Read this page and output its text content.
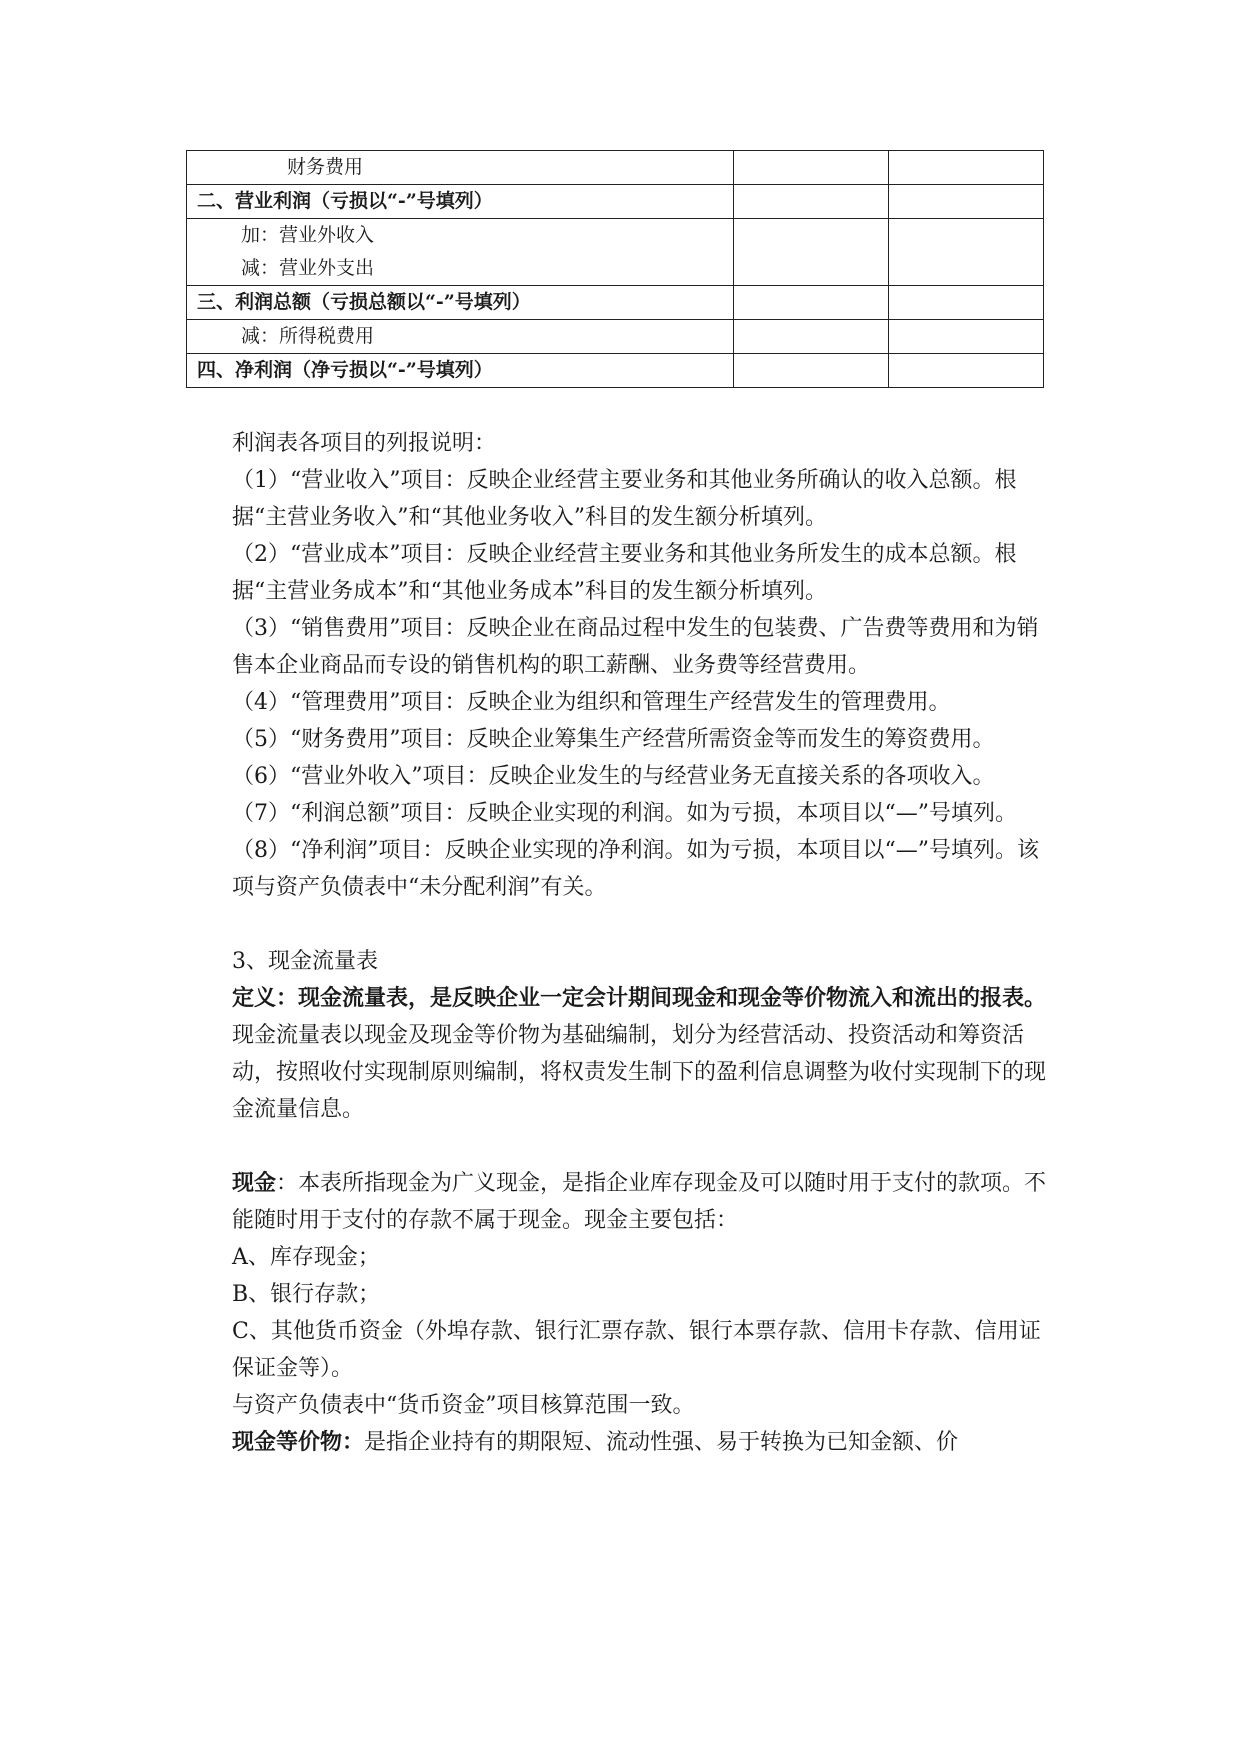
财务费用		

二、营业利润（亏损以“-”号填列）		

加：营业外收入
减：营业外支出		

三、利润总额（亏损总额以“-”号填列）		

减：所得税费用		

四、净利润（净亏损以“-”号填列）		

利润表各项目的列报说明：

（1）“营业收入”项目：反映企业经营主要业务和其他业务所确认的收入总额。根据“主营业务收入”和“其他业务收入”科目的发生额分析填列。

（2）“营业成本”项目：反映企业经营主要业务和其他业务所发生的成本总额。根据“主营业务成本”和“其他业务成本”科目的发生额分析填列。

（3）“销售费用”项目：反映企业在商品过程中发生的包装费、广告费等费用和为销售本企业商品而专设的销售机构的职工薪酬、业务费等经营费用。

（4）“管理费用”项目：反映企业为组织和管理生产经营发生的管理费用。

（5）“财务费用”项目：反映企业筹集生产经营所需资金等而发生的筹资费用。

（6）“营业外收入”项目：反映企业发生的与经营业务无直接关系的各项收入。

（7）“利润总额”项目：反映企业实现的利润。如为亏损，本项目以“—”号填列。

（8）“净利润”项目：反映企业实现的净利润。如为亏损，本项目以“—”号填列。该项与资产负债表中“未分配利润”有关。

3、现金流量表

定义：现金流量表，是反映企业一定会计期间现金和现金等价物流入和流出的报表。现金流量表以现金及现金等价物为基础编制，划分为经营活动、投资活动和筹资活动，按照收付实现制原则编制，将权责发生制下的盈利信息调整为收付实现制下的现金流量信息。

现金：本表所指现金为广义现金，是指企业库存现金及可以随时用于支付的款项。不能随时用于支付的存款不属于现金。现金主要包括：

A、库存现金；

B、银行存款；

C、其他货币资金（外埠存款、银行汇票存款、银行本票存款、信用卡存款、信用证保证金等）。

与资产负债表中“货币资金”项目核算范围一致。

现金等价物：是指企业持有的期限短、流动性强、易于转换为已知金额、价
